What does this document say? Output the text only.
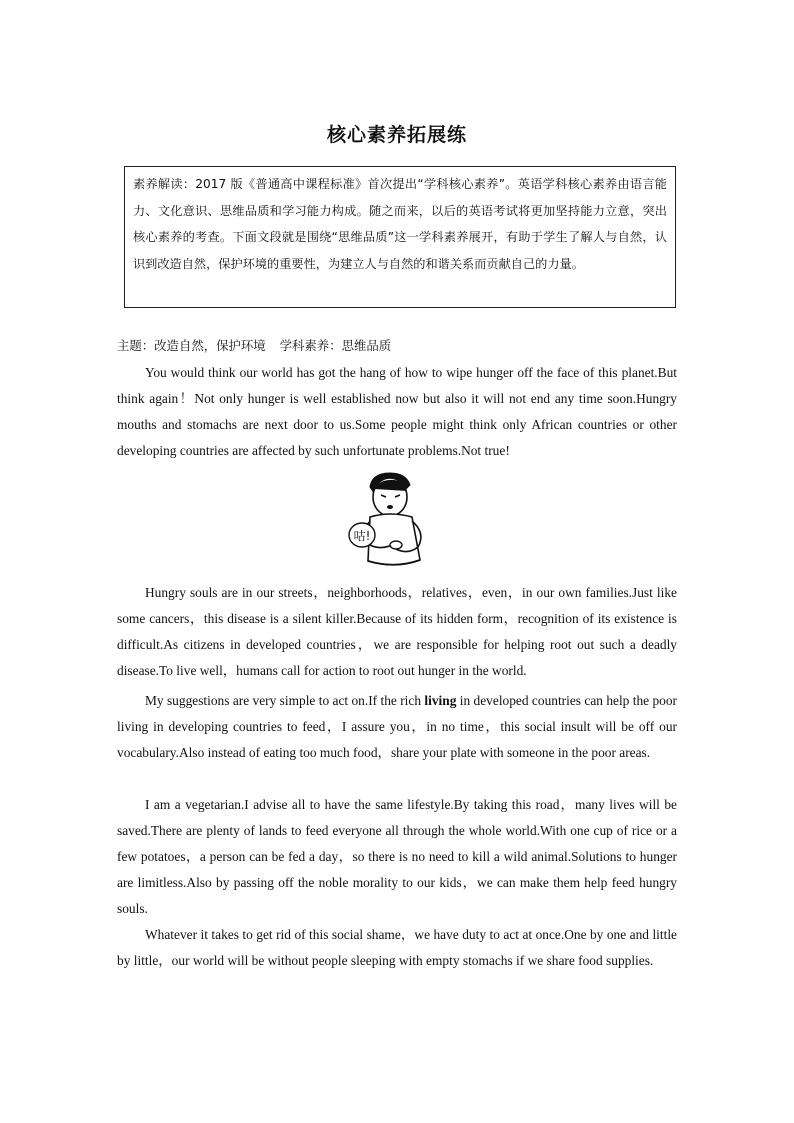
核心素养拓展练
素养解读：2017 版《普通高中课程标准》首次提出“学科核心素养”。英语学科核心素养由语言能力、文化意识、思维品质和学习能力构成。随之而来，以后的英语考试将更加坚持能力立意，突出核心素养的考查。下面文段就是围绕“思维品质”这一学科素养展开，有助于学生了解人与自然，认识到改造自然，保护环境的重要性，为建立人与自然的和谐关系而贡献自己的力量。
主题：改造自然，保护环境 学科素养：思维品质

You would think our world has got the hang of how to wipe hunger off the face of this planet.But think again！Not only hunger is well established now but also it will not end any time soon.Hungry mouths and stomachs are next door to us.Some people might think only African countries or other developing countries are affected by such unfortunate problems.Not true!

咕!

Hungry souls are in our streets，neighborhoods，relatives，even，in our own families.Just like some cancers，this disease is a silent killer.Because of its hidden form，recognition of its existence is difficult.As citizens in developed countries，we are responsible for helping root out such a deadly disease.To live well，humans call for action to root out hunger in the world.

My suggestions are very simple to act on.If the rich living in developed countries can help the poor living in developing countries to feed，I assure you，in no time，this social insult will be off our vocabulary.Also instead of eating too much food，share your plate with someone in the poor areas.

I am a vegetarian.I advise all to have the same lifestyle.By taking this road，many lives will be saved.There are plenty of lands to feed everyone all through the whole world.With one cup of rice or a few potatoes，a person can be fed a day，so there is no need to kill a wild animal.Solutions to hunger are limitless.Also by passing off the noble morality to our kids，we can make them help feed hungry souls.

Whatever it takes to get rid of this social shame，we have duty to act at once.One by one and little by little，our world will be without people sleeping with empty stomachs if we share food supplies.
